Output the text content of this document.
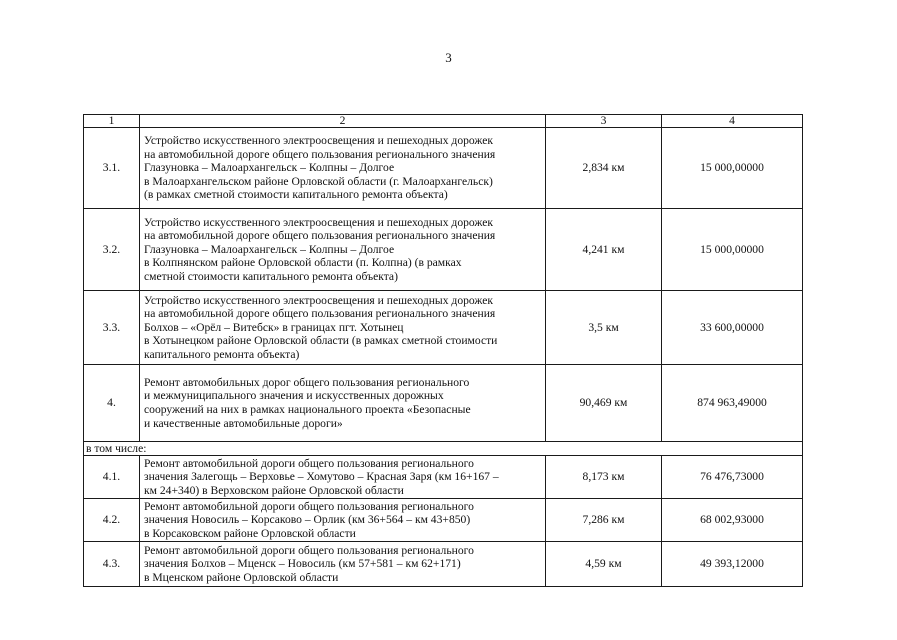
3
1	2	3	4
3.1.	Устройство искусственного электроосвещения и пешеходных дорожек
на автомобильной дороге общего пользования регионального значения
Глазуновка – Малоархангельск – Колпны – Долгое
в Малоархангельском районе Орловской области (г. Малоархангельск)
(в рамках сметной стоимости капитального ремонта объекта)	2,834 км	15 000,00000
3.2.	Устройство искусственного электроосвещения и пешеходных дорожек
на автомобильной дороге общего пользования регионального значения
Глазуновка – Малоархангельск – Колпны – Долгое
в Колпнянском районе Орловской области (п. Колпна) (в рамках
сметной стоимости капитального ремонта объекта)	4,241 км	15 000,00000
3.3.	Устройство искусственного электроосвещения и пешеходных дорожек
на автомобильной дороге общего пользования регионального значения
Болхов – «Орёл – Витебск» в границах пгт. Хотынец
в Хотынецком районе Орловской области (в рамках сметной стоимости
капитального ремонта объекта)	3,5 км	33 600,00000
4.	Ремонт автомобильных дорог общего пользования регионального
и межмуниципального значения и искусственных дорожных
сооружений на них в рамках национального проекта «Безопасные
и качественные автомобильные дороги»	90,469 км	874 963,49000
в том числе:			
4.1.	Ремонт автомобильной дороги общего пользования регионального
значения Залегощь – Верховье – Хомутово – Красная Заря (км 16+167 –
км 24+340) в Верховском районе Орловской области	8,173 км	76 476,73000
4.2.	Ремонт автомобильной дороги общего пользования регионального
значения Новосиль – Корсаково – Орлик (км 36+564 – км 43+850)
в Корсаковском районе Орловской области	7,286 км	68 002,93000
4.3.	Ремонт автомобильной дороги общего пользования регионального
значения Болхов – Мценск – Новосиль (км 57+581 – км 62+171)
в Мценском районе Орловской области	4,59 км	49 393,12000
